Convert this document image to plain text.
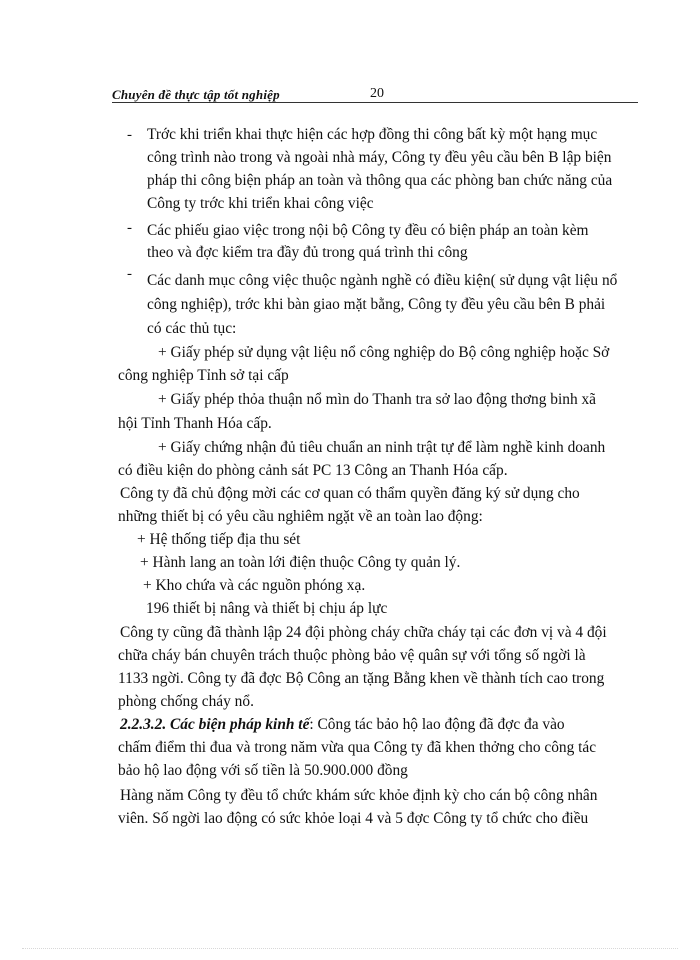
Chuyên đề thực tập tốt nghiệp	20
-
-
-
Trớc khi triển khai thực hiện các hợp đồng thi công bất kỳ một hạng mục
công trình nào trong và ngoài nhà máy, Công ty đều yêu cầu bên B lập biện
pháp thi công biện pháp an toàn và thông qua các phòng ban chức năng của
Công ty trớc khi triển khai công việc
Các phiếu giao việc trong nội bộ Công ty đều có biện pháp an toàn kèm
theo và đợc kiểm tra đầy đủ trong quá trình thi công
Các danh mục công việc thuộc ngành nghề có điều kiện( sử dụng vật liệu nổ
công nghiệp), trớc khi bàn giao mặt bằng, Công ty đều yêu cầu bên B phải
có các thủ tục:
+ Giấy phép sử dụng vật liệu nổ công nghiệp do Bộ công nghiệp hoặc Sở
công nghiệp Tỉnh sở tại cấp
+ Giấy phép thỏa thuận nổ mìn do Thanh tra sở lao động thơng binh xã
hội Tỉnh Thanh Hóa cấp.
+ Giấy chứng nhận đủ tiêu chuẩn an ninh trật tự để làm nghề kinh doanh
có điều kiện do phòng cảnh sát PC 13 Công an Thanh Hóa cấp.
Công ty đã chủ động mời các cơ quan có thẩm quyền đăng ký sử dụng cho
những thiết bị có yêu cầu nghiêm ngặt về an toàn lao động:
+ Hệ thống tiếp địa thu sét
+ Hành lang an toàn lới điện thuộc Công ty quản lý.
+ Kho chứa và các nguồn phóng xạ.
196 thiết bị nâng và thiết bị chịu áp lực
Công ty cũng đã thành lập 24 đội phòng cháy chữa cháy tại các đơn vị và 4 đội
chữa cháy bán chuyên trách thuộc phòng bảo vệ quân sự với tổng số ngời là
1133 ngời. Công ty đã đợc Bộ Công an tặng Bằng khen về thành tích cao trong
phòng chống cháy nổ.
2.2.3.2. Các biện pháp kinh tế: Công tác bảo hộ lao động đã đợc đa vào
chấm điểm thi đua và trong năm vừa qua Công ty đã khen thởng cho công tác
bảo hộ lao động với số tiền là 50.900.000 đồng
Hàng năm Công ty đều tổ chức khám sức khỏe định kỳ cho cán bộ công nhân
viên. Số ngời lao động có sức khỏe loại 4 và 5 đợc Công ty tổ chức cho điều
